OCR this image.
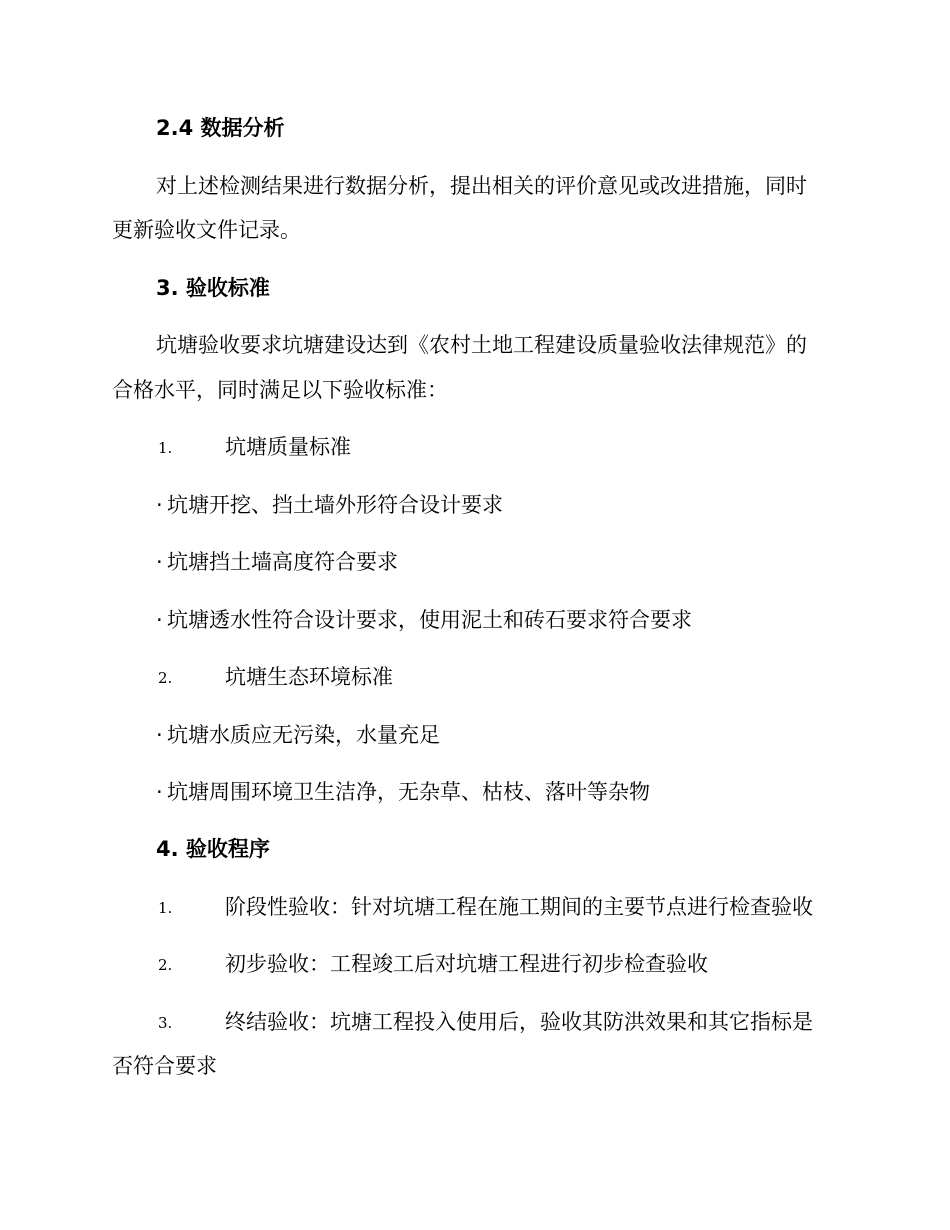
2.4 数据分析
对上述检测结果进行数据分析，提出相关的评价意见或改进措施，同时
更新验收文件记录。
3. 验收标准
坑塘验收要求坑塘建设达到《农村土地工程建设质量验收法律规范》的
合格水平，同时满足以下验收标准：
1.	坑塘质量标准
· 坑塘开挖、挡土墙外形符合设计要求
· 坑塘挡土墙高度符合要求
· 坑塘透水性符合设计要求，使用泥土和砖石要求符合要求
2.	坑塘生态环境标准
· 坑塘水质应无污染，水量充足
· 坑塘周围环境卫生洁净，无杂草、枯枝、落叶等杂物
4. 验收程序
1.	阶段性验收：针对坑塘工程在施工期间的主要节点进行检查验收
2.	初步验收：工程竣工后对坑塘工程进行初步检查验收
3.	终结验收：坑塘工程投入使用后，验收其防洪效果和其它指标是
否符合要求
